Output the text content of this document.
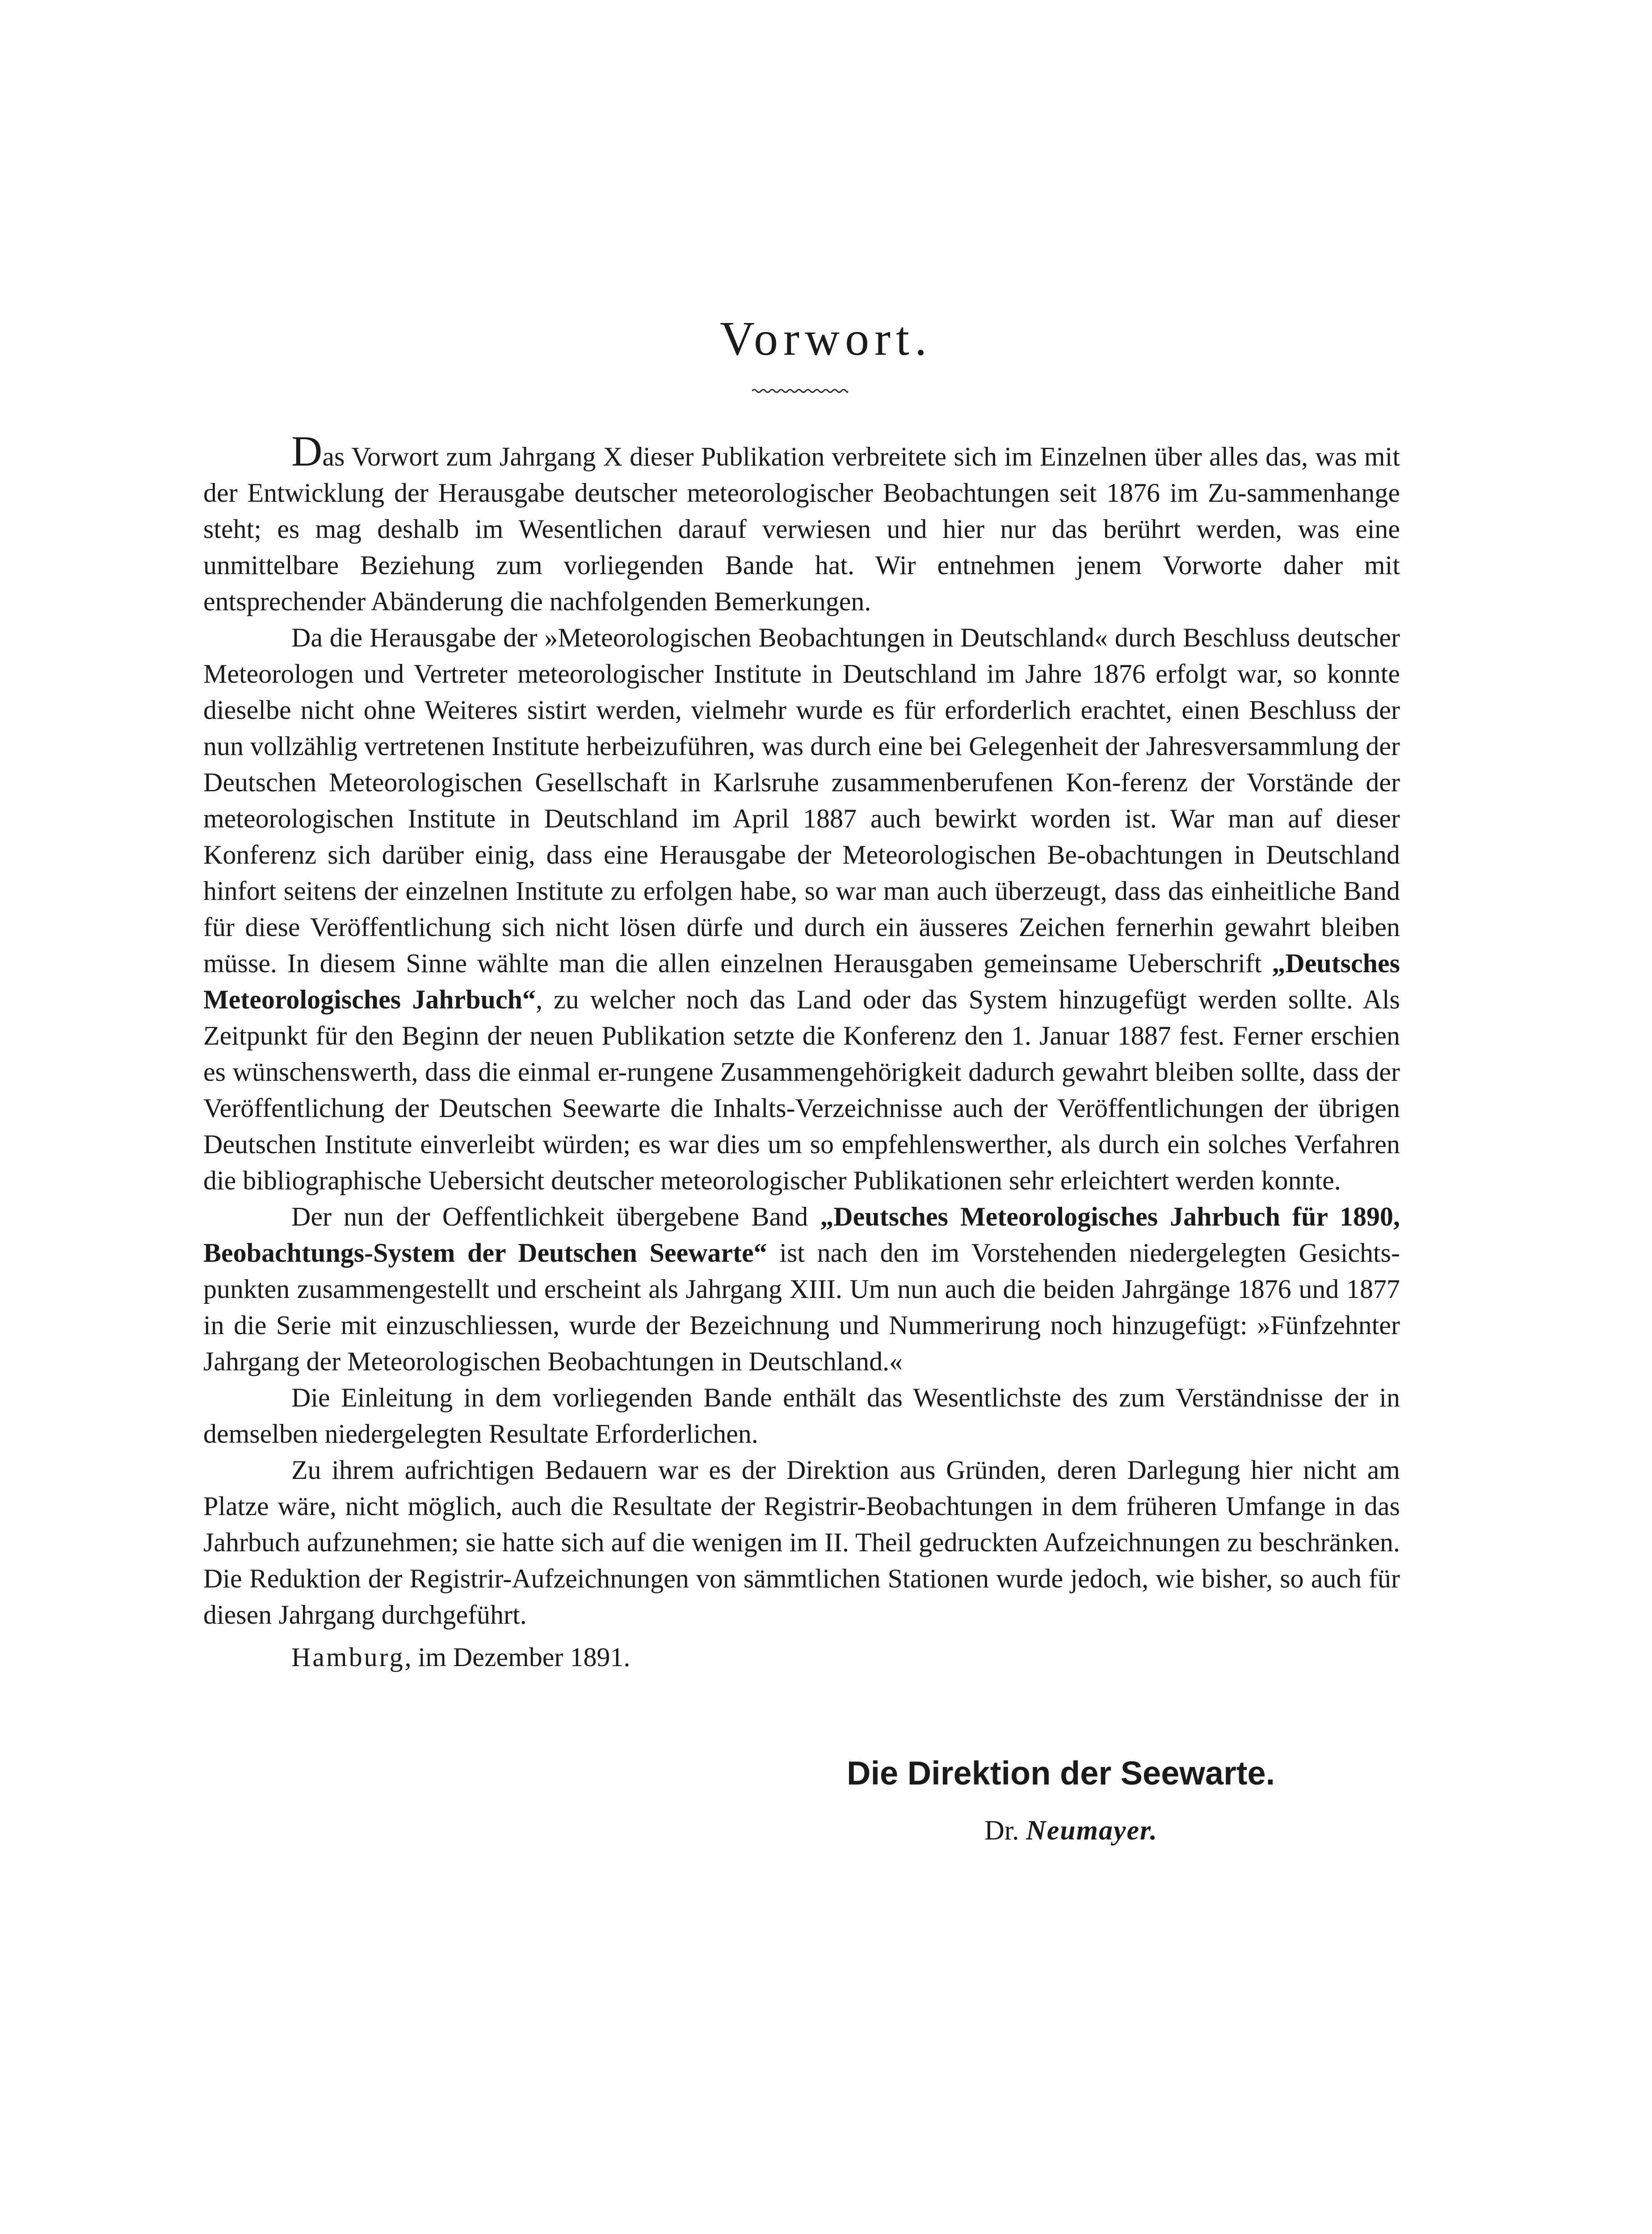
Vorwort.

Das Vorwort zum Jahrgang X dieser Publikation verbreitete sich im Einzelnen über alles das, was mit der Entwicklung der Herausgabe deutscher meteorologischer Beobachtungen seit 1876 im Zu-sammenhange steht; es mag deshalb im Wesentlichen darauf verwiesen und hier nur das berührt werden, was eine unmittelbare Beziehung zum vorliegenden Bande hat. Wir entnehmen jenem Vorworte daher mit entsprechender Abänderung die nachfolgenden Bemerkungen.

Da die Herausgabe der »Meteorologischen Beobachtungen in Deutschland« durch Beschluss deutscher Meteorologen und Vertreter meteorologischer Institute in Deutschland im Jahre 1876 erfolgt war, so konnte dieselbe nicht ohne Weiteres sistirt werden, vielmehr wurde es für erforderlich erachtet, einen Beschluss der nun vollzählig vertretenen Institute herbeizuführen, was durch eine bei Gelegenheit der Jahresversammlung der Deutschen Meteorologischen Gesellschaft in Karlsruhe zusammenberufenen Kon-ferenz der Vorstände der meteorologischen Institute in Deutschland im April 1887 auch bewirkt worden ist. War man auf dieser Konferenz sich darüber einig, dass eine Herausgabe der Meteorologischen Be-obachtungen in Deutschland hinfort seitens der einzelnen Institute zu erfolgen habe, so war man auch überzeugt, dass das einheitliche Band für diese Veröffentlichung sich nicht lösen dürfe und durch ein äusseres Zeichen fernerhin gewahrt bleiben müsse. In diesem Sinne wählte man die allen einzelnen Herausgaben gemeinsame Ueberschrift „Deutsches Meteorologisches Jahrbuch“, zu welcher noch das Land oder das System hinzugefügt werden sollte. Als Zeitpunkt für den Beginn der neuen Publikation setzte die Konferenz den 1. Januar 1887 fest. Ferner erschien es wünschenswerth, dass die einmal er-rungene Zusammengehörigkeit dadurch gewahrt bleiben sollte, dass der Veröffentlichung der Deutschen Seewarte die Inhalts-Verzeichnisse auch der Veröffentlichungen der übrigen Deutschen Institute einverleibt würden; es war dies um so empfehlenswerther, als durch ein solches Verfahren die bibliographische Uebersicht deutscher meteorologischer Publikationen sehr erleichtert werden konnte.

Der nun der Oeffentlichkeit übergebene Band „Deutsches Meteorologisches Jahrbuch für 1890, Beobachtungs-System der Deutschen Seewarte“ ist nach den im Vorstehenden niedergelegten Gesichts-punkten zusammengestellt und erscheint als Jahrgang XIII. Um nun auch die beiden Jahrgänge 1876 und 1877 in die Serie mit einzuschliessen, wurde der Bezeichnung und Nummerirung noch hinzugefügt: »Fünfzehnter Jahrgang der Meteorologischen Beobachtungen in Deutschland.«

Die Einleitung in dem vorliegenden Bande enthält das Wesentlichste des zum Verständnisse der in demselben niedergelegten Resultate Erforderlichen.

Zu ihrem aufrichtigen Bedauern war es der Direktion aus Gründen, deren Darlegung hier nicht am Platze wäre, nicht möglich, auch die Resultate der Registrir-Beobachtungen in dem früheren Umfange in das Jahrbuch aufzunehmen; sie hatte sich auf die wenigen im II. Theil gedruckten Aufzeichnungen zu beschränken. Die Reduktion der Registrir-Aufzeichnungen von sämmtlichen Stationen wurde jedoch, wie bisher, so auch für diesen Jahrgang durchgeführt.

Hamburg, im Dezember 1891.

Die Direktion der Seewarte.

Dr. Neumayer.
